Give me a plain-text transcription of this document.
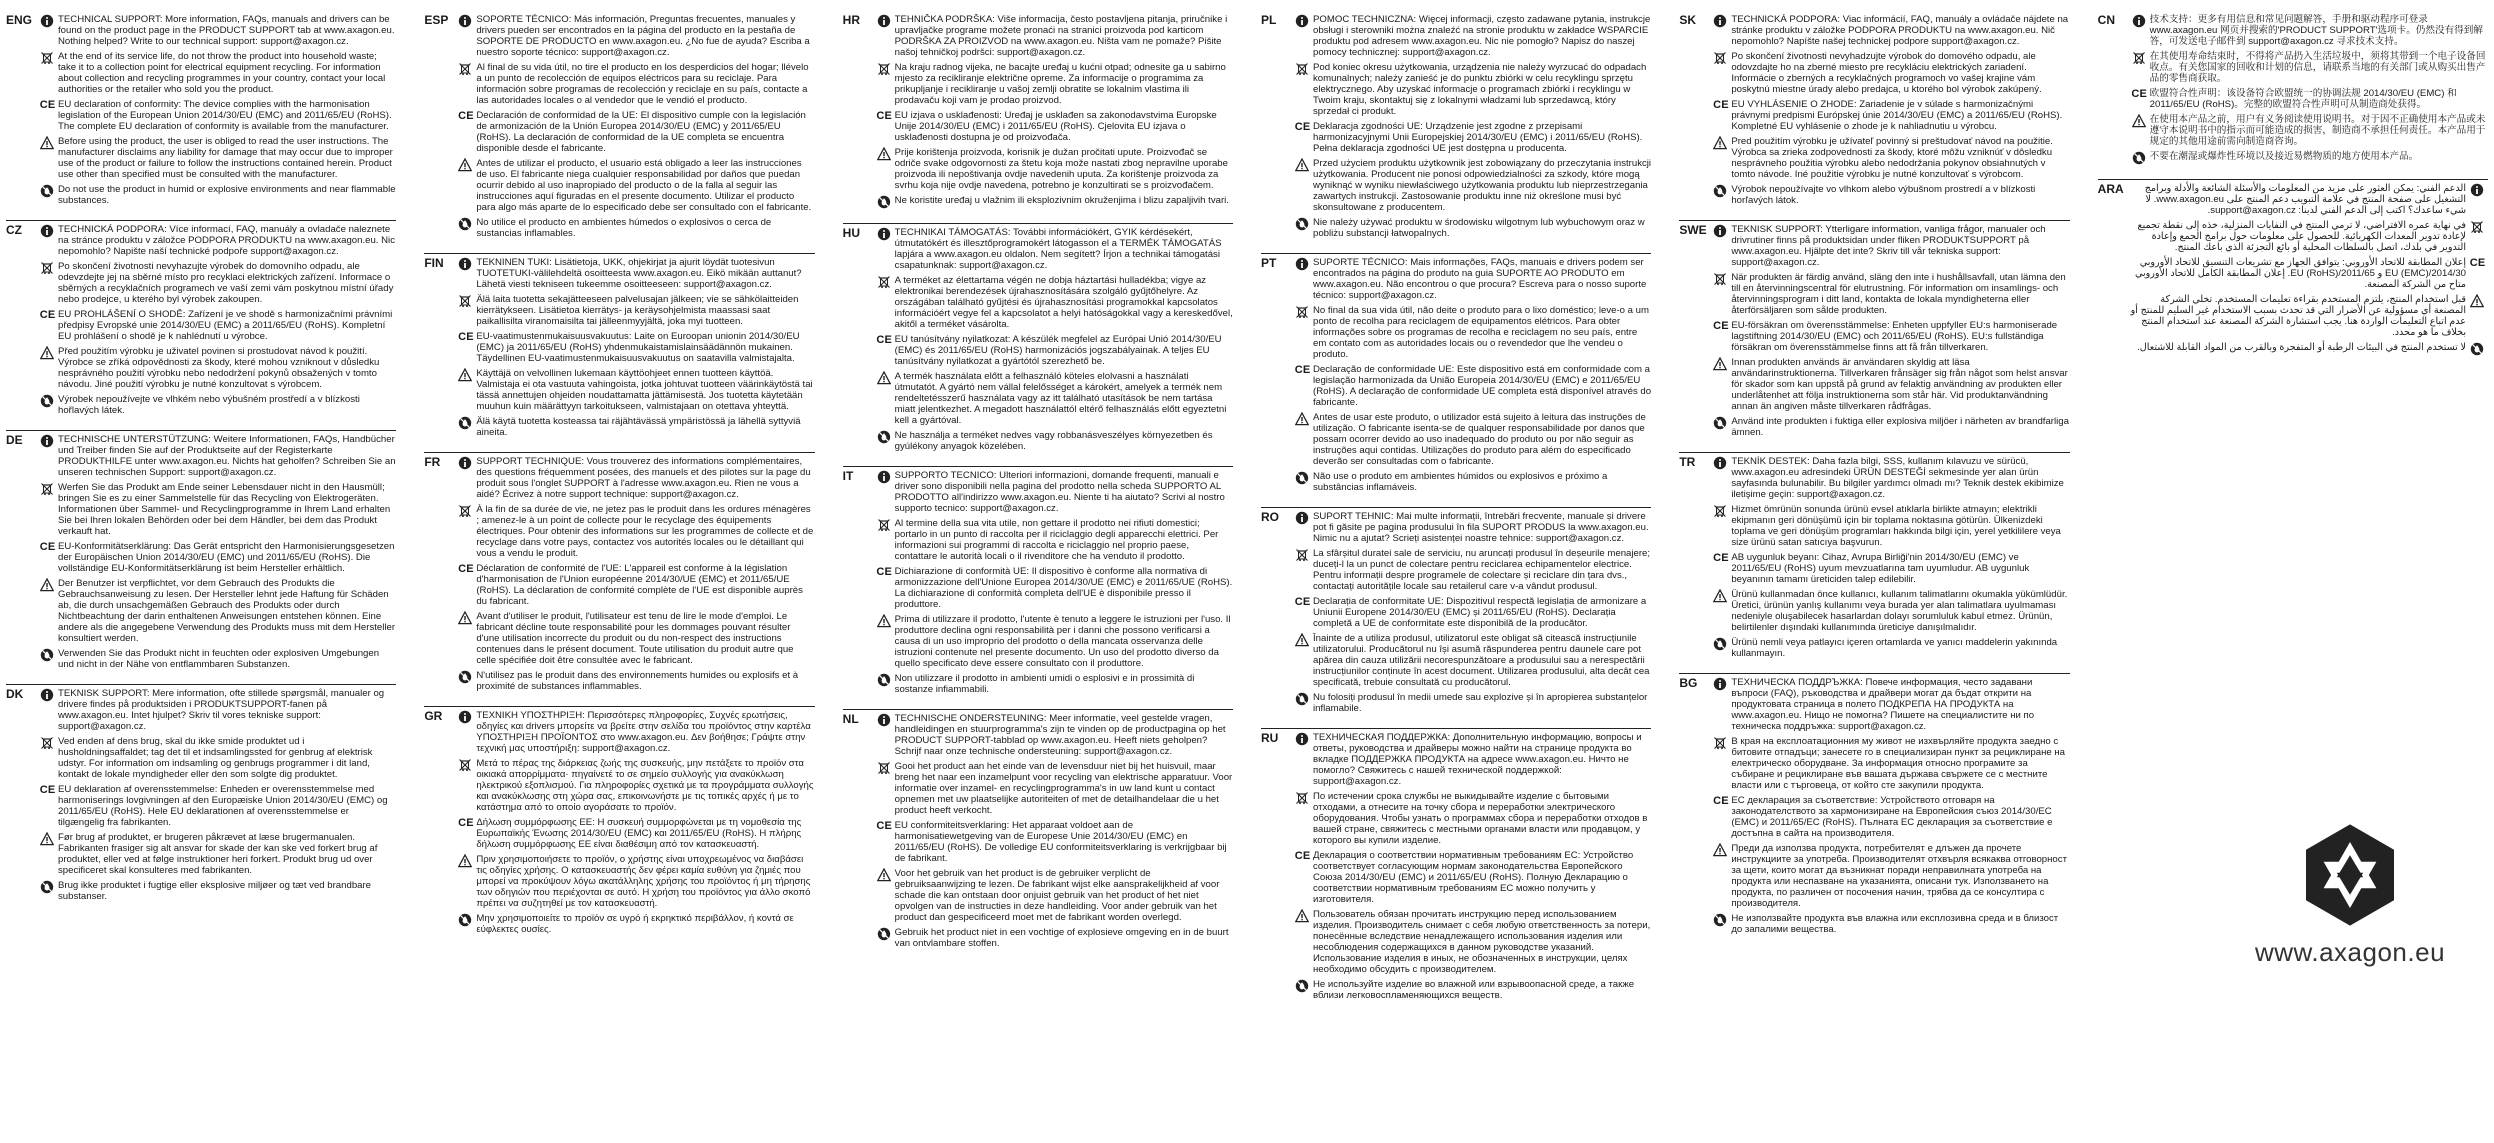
ENG	TECHNICAL SUPPORT: More information, FAQs, manuals and drivers can be found on the product page in the PRODUCT SUPPORT tab at www.axagon.eu. Nothing helped? Write to our technical support: support@axagon.cz.
At the end of its service life, do not throw the product into household waste; take it to a collection point for electrical equipment recycling. For information about collection and recycling programmes in your country, contact your local authorities or the retailer who sold you the product.
C E EU declaration of conformity: The device complies with the harmonisation legislation of the European Union 2014/30/EU (EMC) and 2011/65/EU (RoHS). The complete EU declaration of conformity is available from the manufacturer.
Before using the product, the user is obliged to read the user instructions. The manufacturer disclaims any liability for damage that may occur due to improper use of the product or failure to follow the instructions contained herein. Product use other than specified must be consulted with the manufacturer.
Do not use the product in humid or explosive environments and near flammable substances.
CZ	TECHNICKÁ PODPORA: Více informací, FAQ, manuály a ovladače naleznete na stránce produktu v záložce PODPORA PRODUKTU na www.axagon.eu. Nic nepomohlo? Napište naší technické podpoře support@axagon.cz.
Po skončení životnosti nevyhazujte výrobek do domovního odpadu, ale odevzdejte jej na sběrné místo pro recyklaci elektrických zařízení. Informace o sběrných a recyklačních programech ve vaší zemi vám poskytnou místní úřady nebo prodejce, u kterého byl výrobek zakoupen.
C E EU PROHLÁŠENÍ O SHODĚ: Zařízení je ve shodě s harmonizačními právními předpisy Evropské unie 2014/30/EU (EMC) a 2011/65/EU (RoHS). Kompletní EU prohlášení o shodě je k nahlédnutí u výrobce.
Před použitím výrobku je uživatel povinen si prostudovat návod k použití. Výrobce se zříká odpovědnosti za škody, které mohou vzniknout v důsledku nesprávného použití výrobku nebo nedodržení pokynů obsažených v tomto návodu. Jiné použití výrobku je nutné konzultovat s výrobcem.
Výrobek nepoužívejte ve vlhkém nebo výbušném prostředí a v blízkosti hořlavých látek.
DE	TECHNISCHE UNTERSTÜTZUNG: Weitere Informationen, FAQs, Handbücher und Treiber finden Sie auf der Produktseite auf der Registerkarte PRODUKTHILFE unter www.axagon.eu. Nichts hat geholfen? Schreiben Sie an unseren technischen Support: support@axagon.cz.
Werfen Sie das Produkt am Ende seiner Lebensdauer nicht in den Hausmüll; bringen Sie es zu einer Sammelstelle für das Recycling von Elektrogeräten. Informationen über Sammel- und Recyclingprogramme in Ihrem Land erhalten Sie bei Ihren lokalen Behörden oder bei dem Händler, bei dem das Produkt verkauft hat.
C E EU-Konformitätserklärung: Das Gerät entspricht den Harmonisierungsgesetzen der Europäischen Union 2014/30/EU (EMC) und 2011/65/EU (RoHS). Die vollständige EU-Konformitätserklärung ist beim Hersteller erhältlich.
Der Benutzer ist verpflichtet, vor dem Gebrauch des Produkts die Gebrauchsanweisung zu lesen. Der Hersteller lehnt jede Haftung für Schäden ab, die durch unsachgemäßen Gebrauch des Produkts oder durch Nichtbeachtung der darin enthaltenen Anweisungen entstehen können. Eine andere als die angegebene Verwendung des Produkts muss mit dem Hersteller konsultiert werden.
Verwenden Sie das Produkt nicht in feuchten oder explosiven Umgebungen und nicht in der Nähe von entflammbaren Substanzen.
DK	TEKNISK SUPPORT: Mere information, ofte stillede spørgsmål, manualer og drivere findes på produktsiden i PRODUKTSUPPORT-fanen på www.axagon.eu. Intet hjulpet? Skriv til vores tekniske support: support@axagon.cz.
Ved enden af dens brug, skal du ikke smide produktet ud i husholdningsaffaldet; tag det til et indsamlingssted for genbrug af elektrisk udstyr. For information om indsamling og genbrugs programmer i dit land, kontakt de lokale myndigheder eller den som solgte dig produktet.
C E EU deklaration af overensstemmelse: Enheden er overensstemmelse med harmoniserings lovgivningen af den Europæiske Union 2014/30/EU (EMC) og 2011/65/EU (RoHS). Hele EU deklarationen af overensstemmelse er tilgængelig fra fabrikanten.
Før brug af produktet, er brugeren påkrævet at læse brugermanualen. Fabrikanten frasiger sig alt ansvar for skade der kan ske ved forkert brug af produktet, eller ved at følge instruktioner heri forkert. Produkt brug ud over specificeret skal konsulteres med fabrikanten.
Brug ikke produktet i fugtige eller eksplosive miljøer og tæt ved brandbare substanser.
ESP	SOPORTE TÉCNICO: Más información, Preguntas frecuentes, manuales y drivers pueden ser encontrados en la página del producto en la pestaña de SOPORTE DE PRODUCTO en www.axagon.eu. ¿No fue de ayuda? Escriba a nuestro soporte técnico: support@axagon.cz.
Al final de su vida útil, no tire el producto en los desperdicios del hogar; llévelo a un punto de recolección de equipos eléctricos para su reciclaje. Para información sobre programas de recolección y reciclaje en su país, contacte a las autoridades locales o al vendedor que le vendió el producto.
C E Declaración de conformidad de la UE: El dispositivo cumple con la legislación de armonización de la Unión Europea 2014/30/EU (EMC) y 2011/65/EU (RoHS). La declaración de conformidad de la UE completa se encuentra disponible desde el fabricante.
Antes de utilizar el producto, el usuario está obligado a leer las instrucciones de uso. El fabricante niega cualquier responsabilidad por daños que puedan ocurrir debido al uso inapropiado del producto o de la falla al seguir las instrucciones aquí figuradas en el presente documento. Utilizar el producto para algo más aparte de lo especificado debe ser consultado con el fabricante.
No utilice el producto en ambientes húmedos o explosivos o cerca de sustancias inflamables.
FIN	TEKNINEN TUKI: Lisätietoja, UKK, ohjekirjat ja ajurit löydät tuotesivun TUOTETUKI-välilehdeltä osoitteesta www.axagon.eu. Eikö mikään auttanut? Lähetä viesti tekniseen tukeemme osoitteeseen: support@axagon.cz.
Älä laita tuotetta sekajätteeseen palvelusajan jälkeen; vie se sähkölaitteiden kierrätykseen. Lisätietoa kierrätys- ja keräysohjelmista maassasi saat paikallisilta viranomaisilta tai jälleenmyyjältä, joka myi tuotteen.
C E EU-vaatimustenmukaisuusvakuutus: Laite on Euroopan unionin 2014/30/EU (EMC) ja 2011/65/EU (RoHS) yhdenmukaistamislainsäädännön mukainen. Täydellinen EU-vaatimustenmukaisuusvakuutus on saatavilla valmistajalta.
Käyttäjä on velvollinen lukemaan käyttöohjeet ennen tuotteen käyttöä. Valmistaja ei ota vastuuta vahingoista, jotka johtuvat tuotteen väärinkäytöstä tai tässä annettujen ohjeiden noudattamatta jättämisestä. Jos tuotetta käytetään muuhun kuin määrättyyn tarkoitukseen, valmistajaan on otettava yhteyttä.
Älä käytä tuotetta kosteassa tai räjähtävässä ympäristössä ja lähellä syttyviä aineita.
FR	SUPPORT TECHNIQUE: Vous trouverez des informations complémentaires, des questions fréquemment posées, des manuels et des pilotes sur la page du produit sous l'onglet SUPPORT à l'adresse www.axagon.eu. Rien ne vous a aidé? Écrivez à notre support technique: support@axagon.cz.
À la fin de sa durée de vie, ne jetez pas le produit dans les ordures ménagères ; amenez-le à un point de collecte pour le recyclage des équipements électriques. Pour obtenir des informations sur les programmes de collecte et de recyclage dans votre pays, contactez vos autorités locales ou le détaillant qui vous a vendu le produit.
C E Déclaration de conformité de l'UE: L'appareil est conforme à la législation d'harmonisation de l'Union européenne 2014/30/UE (EMC) et 2011/65/UE (RoHS). La déclaration de conformité complète de l'UE est disponible auprès du fabricant.
Avant d'utiliser le produit, l'utilisateur est tenu de lire le mode d'emploi. Le fabricant décline toute responsabilité pour les dommages pouvant résulter d'une utilisation incorrecte du produit ou du non-respect des instructions contenues dans le présent document. Toute utilisation du produit autre que celle spécifiée doit être consultée avec le fabricant.
N'utilisez pas le produit dans des environnements humides ou explosifs et à proximité de substances inflammables.
GR	ΤΕΧΝΙΚΗ ΥΠΟΣΤΗΡΙΞΗ: Περισσότερες πληροφορίες, Συχνές ερωτήσεις, οδηγίες και drivers μπορείτε να βρείτε στην σελίδα του προϊόντος στην καρτέλα ΥΠΟΣΤΗΡΙΞΗ ΠΡΟΪΟΝΤΟΣ στο www.axagon.eu. Δεν βοήθησε; Γράψτε στην τεχνική μας υποστήριξη: support@axagon.cz.
Μετά το πέρας της διάρκειας ζωής της συσκευής, μην πετάξετε το προϊόν στα οικιακά απορρίμματα· πηγαίνετέ το σε σημείο συλλογής για ανακύκλωση ηλεκτρικού εξοπλισμού. Για πληροφορίες σχετικά με τα προγράμματα συλλογής και ανακύκλωσης στη χώρα σας, επικοινωνήστε με τις τοπικές αρχές ή με το κατάστημα από το οποίο αγοράσατε το προϊόν.
C E Δήλωση συμμόρφωσης ΕΕ: Η συσκευή συμμορφώνεται με τη νομοθεσία της Ευρωπαϊκής Ένωσης 2014/30/EU (EMC) και 2011/65/EU (RoHS). Η πλήρης δήλωση συμμόρφωσης ΕΕ είναι διαθέσιμη από τον κατασκευαστή.
Πριν χρησιμοποιήσετε το προϊόν, ο χρήστης είναι υποχρεωμένος να διαβάσει τις οδηγίες χρήσης. Ο κατασκευαστής δεν φέρει καμία ευθύνη για ζημιές που μπορεί να προκύψουν λόγω ακατάλληλης χρήσης του προϊόντος ή μη τήρησης των οδηγιών που περιέχονται σε αυτό. Η χρήση του προϊόντος για άλλο σκοπό πρέπει να συζητηθεί με τον κατασκευαστή.
Μην χρησιμοποιείτε το προϊόν σε υγρό ή εκρηκτικό περιβάλλον, ή κοντά σε εύφλεκτες ουσίες.
HR	TEHNIČKA PODRŠKA: Više informacija, često postavljena pitanja, priručnike i upravljačke programe možete pronaći na stranici proizvoda pod karticom PODRŠKA ZA PROIZVOD na www.axagon.eu. Ništa vam ne pomaže? Pišite našoj tehničkoj podršci: support@axagon.cz.
Na kraju radnog vijeka, ne bacajte uređaj u kućni otpad; odnesite ga u sabirno mjesto za recikliranje električne opreme. Za informacije o programima za prikupljanje i recikliranje u vašoj zemlji obratite se lokalnim vlastima ili prodavaču koji vam je prodao proizvod.
C E EU izjava o usklađenosti: Uređaj je usklađen sa zakonodavstvima Europske Unije 2014/30/EU (EMC) i 2011/65/EU (RoHS). Cjelovita EU izjava o usklađenosti dostupna je od proizvođača.
Prije korištenja proizvoda, korisnik je dužan pročitati upute. Proizvođač se odriče svake odgovornosti za štetu koja može nastati zbog nepravilne uporabe proizvoda ili nepoštivanja ovdje navedenih uputa. Za korištenje proizvoda za svrhu koja nije ovdje navedena, potrebno je konzultirati se s proizvođačem.
Ne koristite uređaj u vlažnim ili eksplozivnim okruženjima i blizu zapaljivih tvari.
HU	TECHNIKAI TÁMOGATÁS: További információkért, GYIK kérdésekért, útmutatókért és illesztőprogramokért látogasson el a TERMÉK TÁMOGATÁS lapjára a www.axagon.eu oldalon. Nem segített? Írjon a technikai támogatási csapatunknak: support@axagon.cz.
A terméket az élettartama végén ne dobja háztartási hulladékba; vigye az elektronikai berendezések újrahasznosítására szolgáló gyűjtőhelyre. Az országában található gyűjtési és újrahasznosítási programokkal kapcsolatos információért vegye fel a kapcsolatot a helyi hatóságokkal vagy a kereskedővel, akitől a terméket vásárolta.
C E EU tanúsítvány nyilatkozat: A készülék megfelel az Európai Unió 2014/30/EU (EMC) és 2011/65/EU (RoHS) harmonizációs jogszabályainak. A teljes EU tanúsítvány nyilatkozat a gyártótól szerezhető be.
A termék használata előtt a felhasználó köteles elolvasni a használati útmutatót. A gyártó nem vállal felelősséget a károkért, amelyek a termék nem rendeltetésszerű használata vagy az itt található utasítások be nem tartása miatt jelentkezhet. A megadott használattól eltérő felhasználás előtt egyeztetni kell a gyártóval.
Ne használja a terméket nedves vagy robbanásveszélyes környezetben és gyúlékony anyagok közelében.
IT	SUPPORTO TECNICO: Ulteriori informazioni, domande frequenti, manuali e driver sono disponibili nella pagina del prodotto nella scheda SUPPORTO AL PRODOTTO all'indirizzo www.axagon.eu. Niente ti ha aiutato? Scrivi al nostro supporto tecnico: support@axagon.cz.
Al termine della sua vita utile, non gettare il prodotto nei rifiuti domestici; portarlo in un punto di raccolta per il riciclaggio degli apparecchi elettrici. Per informazioni sui programmi di raccolta e riciclaggio nel proprio paese, contattare le autorità locali o il rivenditore che ha venduto il prodotto.
C E Dichiarazione di conformità UE: Il dispositivo è conforme alla normativa di armonizzazione dell'Unione Europea 2014/30/UE (EMC) e 2011/65/UE (RoHS). La dichiarazione di conformità completa dell'UE è disponibile presso il produttore.
Prima di utilizzare il prodotto, l'utente è tenuto a leggere le istruzioni per l'uso. Il produttore declina ogni responsabilità per i danni che possono verificarsi a causa di un uso improprio del prodotto o della mancata osservanza delle istruzioni contenute nel presente documento. Un uso del prodotto diverso da quello specificato deve essere consultato con il produttore.
Non utilizzare il prodotto in ambienti umidi o esplosivi e in prossimità di sostanze infiammabili.
NL	TECHNISCHE ONDERSTEUNING: Meer informatie, veel gestelde vragen, handleidingen en stuurprogramma's zijn te vinden op de productpagina op het PRODUCT SUPPORT-tabblad op www.axagon.eu. Heeft niets geholpen? Schrijf naar onze technische ondersteuning: support@axagon.cz.
Gooi het product aan het einde van de levensduur niet bij het huisvuil, maar breng het naar een inzamelpunt voor recycling van elektrische apparatuur. Voor informatie over inzamel- en recyclingprogramma's in uw land kunt u contact opnemen met uw plaatselijke autoriteiten of met de detailhandelaar die u het product heeft verkocht.
C E EU conformiteitsverklaring: Het apparaat voldoet aan de harmonisatiewetgeving van de Europese Unie 2014/30/EU (EMC) en 2011/65/EU (RoHS). De volledige EU conformiteitsverklaring is verkrijgbaar bij de fabrikant.
Voor het gebruik van het product is de gebruiker verplicht de gebruiksaanwijzing te lezen. De fabrikant wijst elke aansprakelijkheid af voor schade die kan ontstaan door onjuist gebruik van het product of het niet opvolgen van de instructies in deze handleiding. Voor ander gebruik van het product dan gespecificeerd moet met de fabrikant worden overlegd.
Gebruik het product niet in een vochtige of explosieve omgeving en in de buurt van ontvlambare stoffen.
PL	POMOC TECHNICZNA: Więcej informacji, często zadawane pytania, instrukcje obsługi i sterowniki można znaleźć na stronie produktu w zakładce WSPARCIE produktu pod adresem www.axagon.eu. Nic nie pomogło? Napisz do naszej pomocy technicznej: support@axagon.cz.
Pod koniec okresu użytkowania, urządzenia nie należy wyrzucać do odpadach komunalnych; należy zanieść je do punktu zbiórki w celu recyklingu sprzętu elektrycznego. Aby uzyskać informacje o programach zbiórki i recyklingu w Twoim kraju, skontaktuj się z lokalnymi władzami lub sprzedawcą, który sprzedał ci produkt.
C E Deklaracja zgodności UE: Urządzenie jest zgodne z przepisami harmonizacyjnymi Unii Europejskiej 2014/30/EU (EMC) i 2011/65/EU (RoHS). Pełna deklaracja zgodności UE jest dostępna u producenta.
Przed użyciem produktu użytkownik jest zobowiązany do przeczytania instrukcji użytkowania. Producent nie ponosi odpowiedzialności za szkody, które mogą wyniknąć w wyniku niewłaściwego użytkowania produktu lub nieprzestrzegania zawartych instrukcji. Zastosowanie produktu inne niż określone musi być skonsultowane z producentem.
Nie należy używać produktu w środowisku wilgotnym lub wybuchowym oraz w pobliżu substancji łatwopalnych.
PT	SUPORTE TÉCNICO: Mais informações, FAQs, manuais e drivers podem ser encontrados na página do produto na guia SUPORTE AO PRODUTO em www.axagon.eu. Não encontrou o que procura? Escreva para o nosso suporte técnico: support@axagon.cz.
No final da sua vida útil, não deite o produto para o lixo doméstico; leve-o a um ponto de recolha para reciclagem de equipamentos elétricos. Para obter informações sobre os programas de recolha e reciclagem no seu país, entre em contato com as autoridades locais ou o revendedor que lhe vendeu o produto.
C E Declaração de conformidade UE: Este dispositivo está em conformidade com a legislação harmonizada da União Europeia 2014/30/EU (EMC) e 2011/65/EU (RoHS). A declaração de conformidade UE completa está disponível através do fabricante.
Antes de usar este produto, o utilizador está sujeito à leitura das instruções de utilização. O fabricante isenta-se de qualquer responsabilidade por danos que possam ocorrer devido ao uso inadequado do produto ou por não seguir as instruções aqui contidas. Utilizações do produto para além do especificado deverão ser consultadas com o fabricante.
Não use o produto em ambientes húmidos ou explosivos e próximo a substâncias inflamáveis.
RO	SUPORT TEHNIC: Mai multe informații, întrebări frecvente, manuale și drivere pot fi găsite pe pagina produsului în fila SUPORT PRODUS la www.axagon.eu. Nimic nu a ajutat? Scrieți asistenței noastre tehnice: support@axagon.cz.
La sfârșitul duratei sale de serviciu, nu aruncați produsul în deșeurile menajere; duceți-l la un punct de colectare pentru reciclarea echipamentelor electrice. Pentru informații despre programele de colectare și reciclare din țara dvs., contactați autoritățile locale sau retailerul care v-a vândut produsul.
C E Declarația de conformitate UE: Dispozitivul respectă legislația de armonizare a Uniunii Europene 2014/30/EU (EMC) și 2011/65/EU (RoHS). Declarația completă a UE de conformitate este disponibilă de la producător.
Înainte de a utiliza produsul, utilizatorul este obligat să citească instrucțiunile utilizatorului. Producătorul nu își asumă răspunderea pentru daunele care pot apărea din cauza utilizării necorespunzătoare a produsului sau a nerespectării instrucțiunilor conținute în acest document. Utilizarea produsului, alta decât cea specificată, trebuie consultată cu producătorul.
Nu folosiți produsul în medii umede sau explozive și în apropierea substanțelor inflamabile.
RU	ТЕХНИЧЕСКАЯ ПОДДЕРЖКА: Дополнительную информацию, вопросы и ответы, руководства и драйверы можно найти на странице продукта во вкладке ПОДДЕРЖКА ПРОДУКТА на адресе www.axagon.eu. Ничто не помогло? Свяжитесь с нашей технической поддержкой: support@axagon.cz.
По истечении срока службы не выкидывайте изделие с бытовыми отходами, а отнесите на точку сбора и переработки электрического оборудования. Чтобы узнать о программах сбора и переработки отходов в вашей стране, свяжитесь с местными органами власти или продавцом, у которого вы купили изделие.
C E Декларация о соответствии нормативным требованиям ЕС: Устройство соответствует согласующим нормам законодательства Европейского Союза 2014/30/EU (EMC) и 2011/65/EU (RoHS). Полную Декларацию о соответствии нормативным требованиям ЕС можно получить у изготовителя.
Пользователь обязан прочитать инструкцию перед использованием изделия. Производитель снимает с себя любую ответственность за потери, понесённые вследствие ненадлежащего использования изделия или несоблюдения содержащихся в данном руководстве указаний. Использование изделия в иных, не обозначенных в инструкции, целях необходимо обсудить с производителем.
Не используйте изделие во влажной или взрывоопасной среде, а также вблизи легковоспламеняющихся веществ.
SK	TECHNICKÁ PODPORA: Viac informácií, FAQ, manuály a ovládače nájdete na stránke produktu v záložke PODPORA PRODUKTU na www.axagon.eu. Nič nepomohlo? Napíšte našej technickej podpore support@axagon.cz.
Po skončení životnosti nevyhadzujte výrobok do domového odpadu, ale odovzdajte ho na zberné miesto pre recykláciu elektrických zariadení. Informácie o zberných a recyklačných programoch vo vašej krajine vám poskytnú miestne úrady alebo predajca, u ktorého bol výrobok zakúpený.
C E EU VYHLÁSENIE O ZHODE: Zariadenie je v súlade s harmonizačnými právnymi predpismi Európskej únie 2014/30/EU (EMC) a 2011/65/EU (RoHS). Kompletné EU vyhlásenie o zhode je k nahliadnutiu u výrobcu.
Pred použitím výrobku je užívateľ povinný si preštudovať návod na použitie. Výrobca sa zrieka zodpovednosti za škody, ktoré môžu vzniknúť v dôsledku nesprávneho použitia výrobku alebo nedodržania pokynov obsiahnutých v tomto návode. Iné použitie výrobku je nutné konzultovať s výrobcom.
Výrobok nepoužívajte vo vlhkom alebo výbušnom prostredí a v blízkosti horľavých látok.
SWE	TEKNISK SUPPORT: Ytterligare information, vanliga frågor, manualer och drivrutiner finns på produktsidan under fliken PRODUKTSUPPORT på www.axagon.eu. Hjälpte det inte? Skriv till vår tekniska support: support@axagon.cz.
När produkten är färdig använd, släng den inte i hushållsavfall, utan lämna den till en återvinningscentral för elutrustning. För information om insamlings- och återvinningsprogram i ditt land, kontakta de lokala myndigheterna eller återförsäljaren som sålde produkten.
C E EU-försäkran om överensstämmelse: Enheten uppfyller EU:s harmoniserade lagstiftning 2014/30/EU (EMC) och 2011/65/EU (RoHS). EU:s fullständiga försäkran om överensstämmelse finns att få från tillverkaren.
Innan produkten används är användaren skyldig att läsa användarinstruktionerna. Tillverkaren frånsäger sig från något som helst ansvar för skador som kan uppstå på grund av felaktig användning av produkten eller underlåtenhet att följa instruktionerna som står här. Vid produktanvändning annan än angiven måste tillverkaren rådfrågas.
Använd inte produkten i fuktiga eller explosiva miljöer i närheten av brandfarliga ämnen.
TR	TEKNİK DESTEK: Daha fazla bilgi, SSS, kullanım kılavuzu ve sürücü, www.axagon.eu adresindeki ÜRÜN DESTEĞİ sekmesinde yer alan ürün sayfasında bulunabilir. Bu bilgiler yardımcı olmadı mı? Teknik destek ekibimize iletişime geçin: support@axagon.cz.
Hizmet ömrünün sonunda ürünü evsel atıklarla birlikte atmayın; elektrikli ekipmanın geri dönüşümü için bir toplama noktasına götürün. Ülkenizdeki toplama ve geri dönüşüm programları hakkında bilgi için, yerel yetkililere veya size ürünü satan satıcıya başvurun.
C E AB uygunluk beyanı: Cihaz, Avrupa Birliği'nin 2014/30/EU (EMC) ve 2011/65/EU (RoHS) uyum mevzuatlarına tam uyumludur. AB uygunluk beyanının tamamı üreticiden talep edilebilir.
Ürünü kullanmadan önce kullanıcı, kullanım talimatlarını okumakla yükümlüdür. Üretici, ürünün yanlış kullanımı veya burada yer alan talimatlara uyulmaması nedeniyle oluşabilecek hasarlardan dolayı sorumluluk kabul etmez. Ürünün, belirtilenler dışındaki kullanımında üreticiye danışılmalıdır.
Ürünü nemli veya patlayıcı içeren ortamlarda ve yanıcı maddelerin yakınında kullanmayın.
BG	ТЕХНИЧЕСКА ПОДДРЪЖКА: Повече информация, често задавани въпроси (FAQ), ръководства и драйвери могат да бъдат открити на продуктовата страница в полето ПОДКРЕПА НА ПРОДУКТА на www.axagon.eu. Нищо не помогна? Пишете на специалистите ни по техническа поддръжка: support@axagon.cz.
В края на експлоатационния му живот не изхвърляйте продукта заедно с битовите отпадъци; занесете го в специализиран пункт за рециклиране на електрическо оборудване. За информация относно програмите за събиране и рециклиране във вашата държава свържете се с местните власти или с търговеца, от който сте закупили продукта.
C E ЕС декларация за съответствие: Устройството отговаря на законодателството за хармонизиране на Европейския съюз 2014/30/EC (EMC) и 2011/65/EC (RoHS). Пълната ЕС декларация за съответствие е достъпна в сайта на производителя.
Преди да използва продукта, потребителят е длъжен да прочете инструкциите за употреба. Производителят отхвърля всякаква отговорност за щети, които могат да възникнат поради неправилната употреба на продукта или неспазване на указанията, описани тук. Използването на продукта, по различен от посочения начин, трябва да се консултира с производителя.
Не използвайте продукта във влажна или експлозивна среда и в близост до запалими вещества.
CN	技术支持：更多有用信息和常见问题解答，手册和驱动程序可登录 www.axagon.eu 网页并搜索的'PRODUCT SUPPORT'选项卡。仍然没有得到解答，可发送电子邮件到 support@axagon.cz 寻求技术支持。
在其使用寿命结束时，不得将产品扔入生活垃圾中，须将其带到一个电子设备回收点。有关您国家的回收和计划的信息，请联系当地的有关部门或从购买出售产品的零售商获取。
C E 欧盟符合性声明：该设备符合欧盟统一的协调法规 2014/30/EU (EMC) 和 2011/65/EU (RoHS)。完整的欧盟符合性声明可从制造商处获得。
在使用本产品之前，用户有义务阅读使用说明书。对于因不正确使用本产品或未遵守本说明书中的指示而可能造成的损害，制造商不承担任何责任。本产品用于规定的其他用途前需向制造商咨询。
不要在潮湿或爆炸性环境以及接近易燃物质的地方使用本产品。
ARA	الدعم الفني: يمكن العثور على مزيد من المعلومات والأسئلة الشائعة والأدلة وبرامج التشغيل على صفحة المنتج في علامة التبويب دعم المنتج على www.axagon.eu. لا شيء ساعدك؟ اكتب إلى الدعم الفني لدينا: support@axagon.cz.
في نهاية عمره الافتراضي، لا ترمي المنتج في النفايات المنزلية، خذه إلى نقطة تجميع لإعادة تدوير المعدات الكهربائية. للحصول على معلومات حول برامج الجمع وإعادة التدوير في بلدك، اتصل بالسلطات المحلية أو بائع التجزئة الذي باعك المنتج.
إعلان المطابقة للاتحاد الأوروبي: يتوافق الجهاز مع تشريعات التنسيق للاتحاد الأوروبي 2014/30/EU (EMC) و 2011/65/EU (RoHS). إعلان المطابقة الكامل للاتحاد الأوروبي متاح من الشركة المصنعة.
C E
قبل استخدام المنتج، يلتزم المستخدم بقراءة تعليمات المستخدم. تخلي الشركة المصنعة أي مسؤولية عن الأضرار التي قد تحدث بسبب الاستخدام غير السليم للمنتج أو عدم اتباع التعليمات الواردة هنا. يجب استشارة الشركة المصنعة عند استخدام المنتج بخلاف ما هو محدد.
لا تستخدم المنتج في البيئات الرطبة أو المتفجرة وبالقرب من المواد القابلة للاشتعال.
www.axagon.eu
